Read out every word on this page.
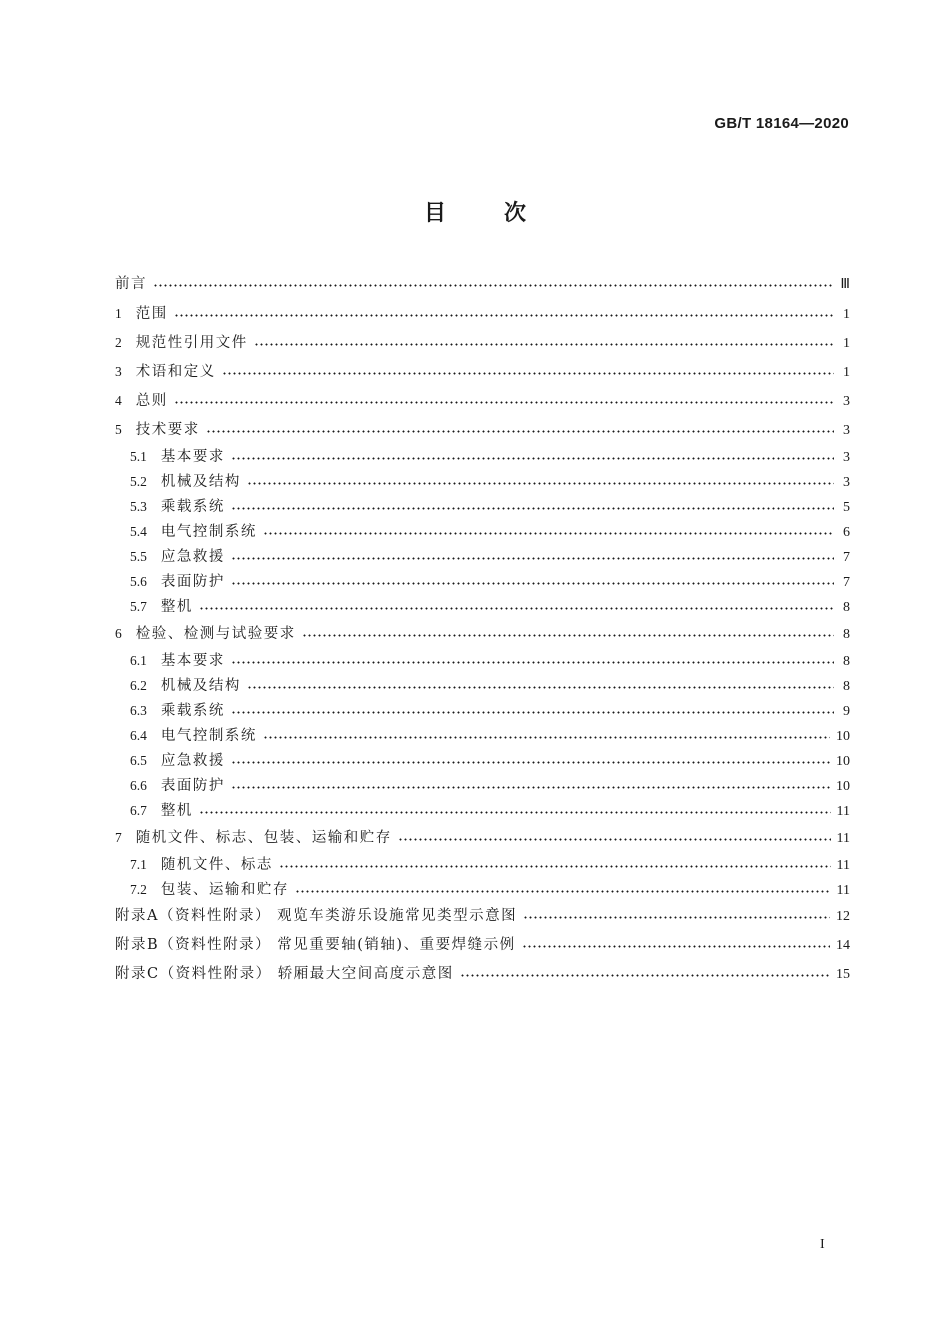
GB/T 18164—2020
目次
前言	Ⅲ
1 范围	1
2 规范性引用文件	1
3 术语和定义	1
4 总则	3
5 技术要求	3
5.1 基本要求	3
5.2 机械及结构	3
5.3 乘载系统	5
5.4 电气控制系统	6
5.5 应急救援	7
5.6 表面防护	7
5.7 整机	8
6 检验、检测与试验要求	8
6.1 基本要求	8
6.2 机械及结构	8
6.3 乘载系统	9
6.4 电气控制系统	10
6.5 应急救援	10
6.6 表面防护	10
6.7 整机	11
7 随机文件、标志、包装、运输和贮存	11
7.1 随机文件、标志	11
7.2 包装、运输和贮存	11
附录A（资料性附录） 观览车类游乐设施常见类型示意图	12
附录B（资料性附录） 常见重要轴(销轴)、重要焊缝示例	14
附录C（资料性附录） 轿厢最大空间高度示意图	15
I
